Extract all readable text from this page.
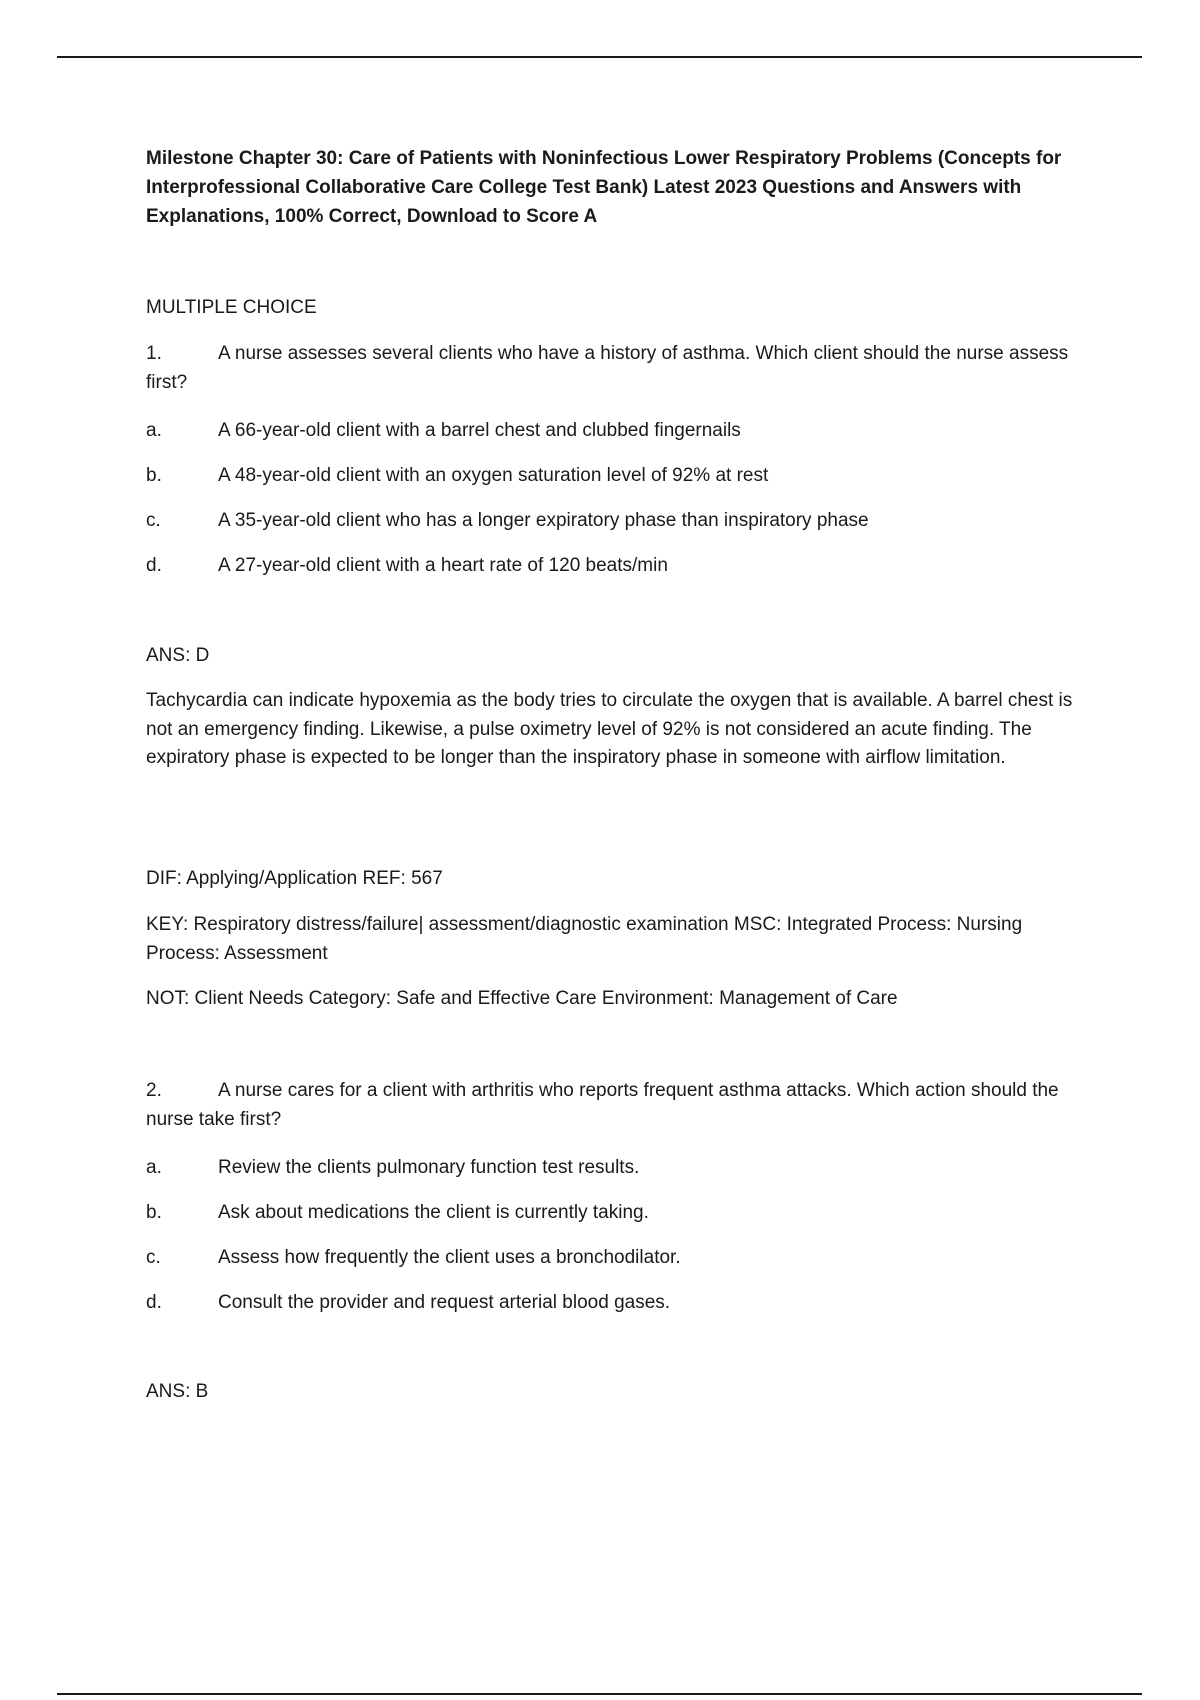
Milestone Chapter 30: Care of Patients with Noninfectious Lower Respiratory Problems (Concepts for Interprofessional Collaborative Care College Test Bank) Latest 2023 Questions and Answers with Explanations, 100% Correct, Download to Score A

MULTIPLE CHOICE

1.	A nurse assesses several clients who have a history of asthma. Which client should the nurse assess first?

a.	A 66-year-old client with a barrel chest and clubbed fingernails
b.	A 48-year-old client with an oxygen saturation level of 92% at rest
c.	A 35-year-old client who has a longer expiratory phase than inspiratory phase
d.	A 27-year-old client with a heart rate of 120 beats/min

ANS: D

Tachycardia can indicate hypoxemia as the body tries to circulate the oxygen that is available. A barrel chest is not an emergency finding. Likewise, a pulse oximetry level of 92% is not considered an acute finding. The expiratory phase is expected to be longer than the inspiratory phase in someone with airflow limitation.

DIF: Applying/Application REF: 567

KEY: Respiratory distress/failure| assessment/diagnostic examination MSC: Integrated Process: Nursing Process: Assessment

NOT: Client Needs Category: Safe and Effective Care Environment: Management of Care

2.	A nurse cares for a client with arthritis who reports frequent asthma attacks. Which action should the nurse take first?

a.	Review the clients pulmonary function test results.
b.	Ask about medications the client is currently taking.
c.	Assess how frequently the client uses a bronchodilator.
d.	Consult the provider and request arterial blood gases.

ANS: B
